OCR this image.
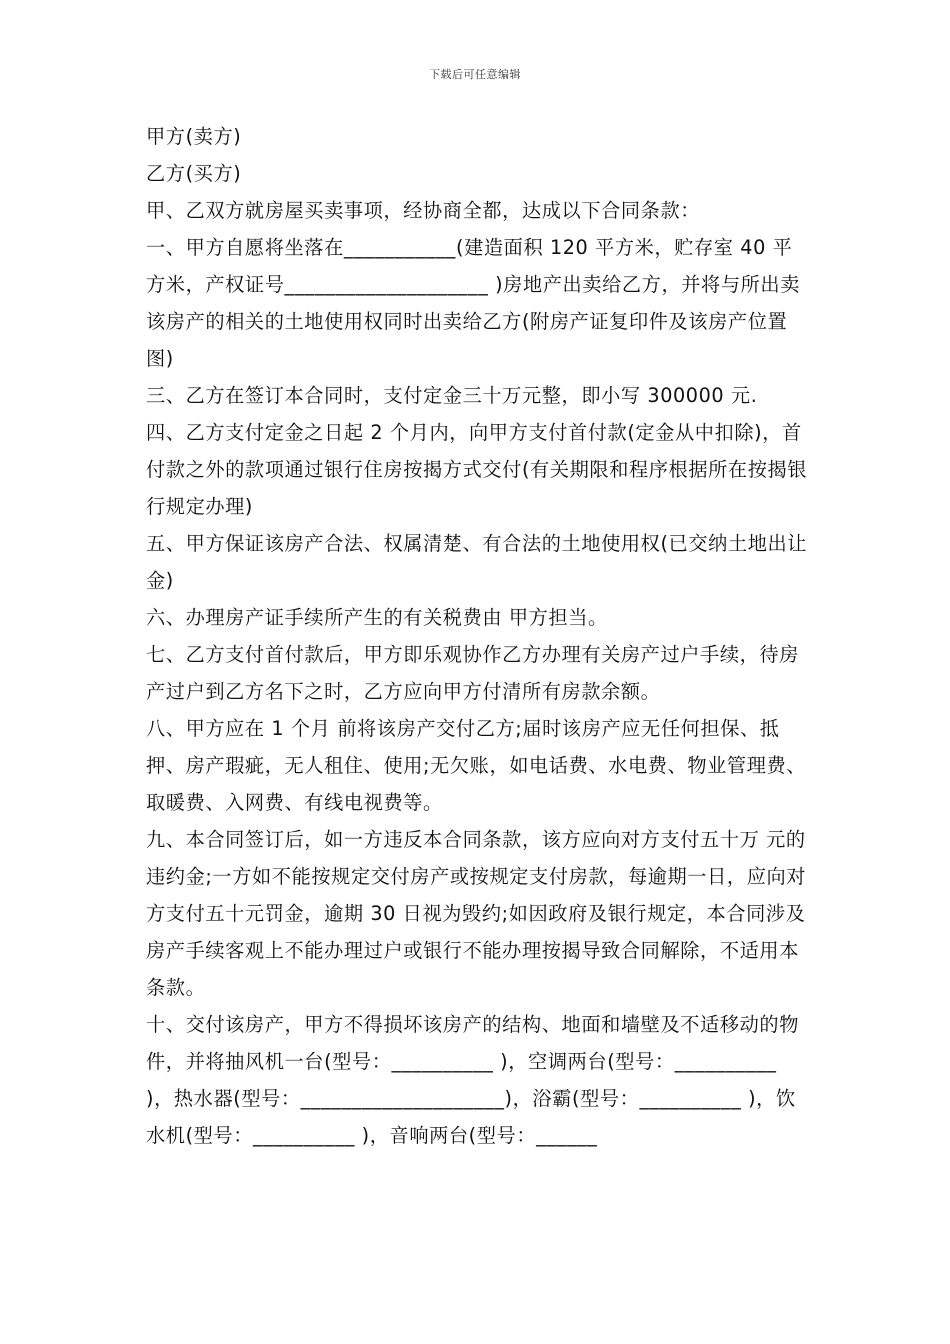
下载后可任意编辑

甲方(卖方)

乙方(买方)

甲、乙双方就房屋买卖事项，经协商全都，达成以下合同条款：

一、甲方自愿将坐落在___________(建造面积 120 平方米，贮存室 40 平方米，产权证号____________________ )房地产出卖给乙方，并将与所出卖该房产的相关的土地使用权同时出卖给乙方(附房产证复印件及该房产位置图)

三、乙方在签订本合同时，支付定金三十万元整，即小写 300000 元.

四、乙方支付定金之日起 2 个月内，向甲方支付首付款(定金从中扣除)，首付款之外的款项通过银行住房按揭方式交付(有关期限和程序根据所在按揭银行规定办理)

五、甲方保证该房产合法、权属清楚、有合法的土地使用权(已交纳土地出让金)

六、办理房产证手续所产生的有关税费由 甲方担当。

七、乙方支付首付款后，甲方即乐观协作乙方办理有关房产过户手续，待房产过户到乙方名下之时，乙方应向甲方付清所有房款余额。

八、甲方应在 1 个月 前将该房产交付乙方;届时该房产应无任何担保、抵押、房产瑕疵，无人租住、使用;无欠账，如电话费、水电费、物业管理费、取暖费、入网费、有线电视费等。

九、本合同签订后，如一方违反本合同条款，该方应向对方支付五十万 元的违约金;一方如不能按规定交付房产或按规定支付房款，每逾期一日，应向对方支付五十元罚金，逾期 30 日视为毁约;如因政府及银行规定，本合同涉及房产手续客观上不能办理过户或银行不能办理按揭导致合同解除，不适用本条款。

十、交付该房产，甲方不得损坏该房产的结构、地面和墙壁及不适移动的物件，并将抽风机一台(型号：__________ )，空调两台(型号：__________ )，热水器(型号：____________________)，浴霸(型号：__________ )，饮水机(型号：__________ )，音响两台(型号：______
